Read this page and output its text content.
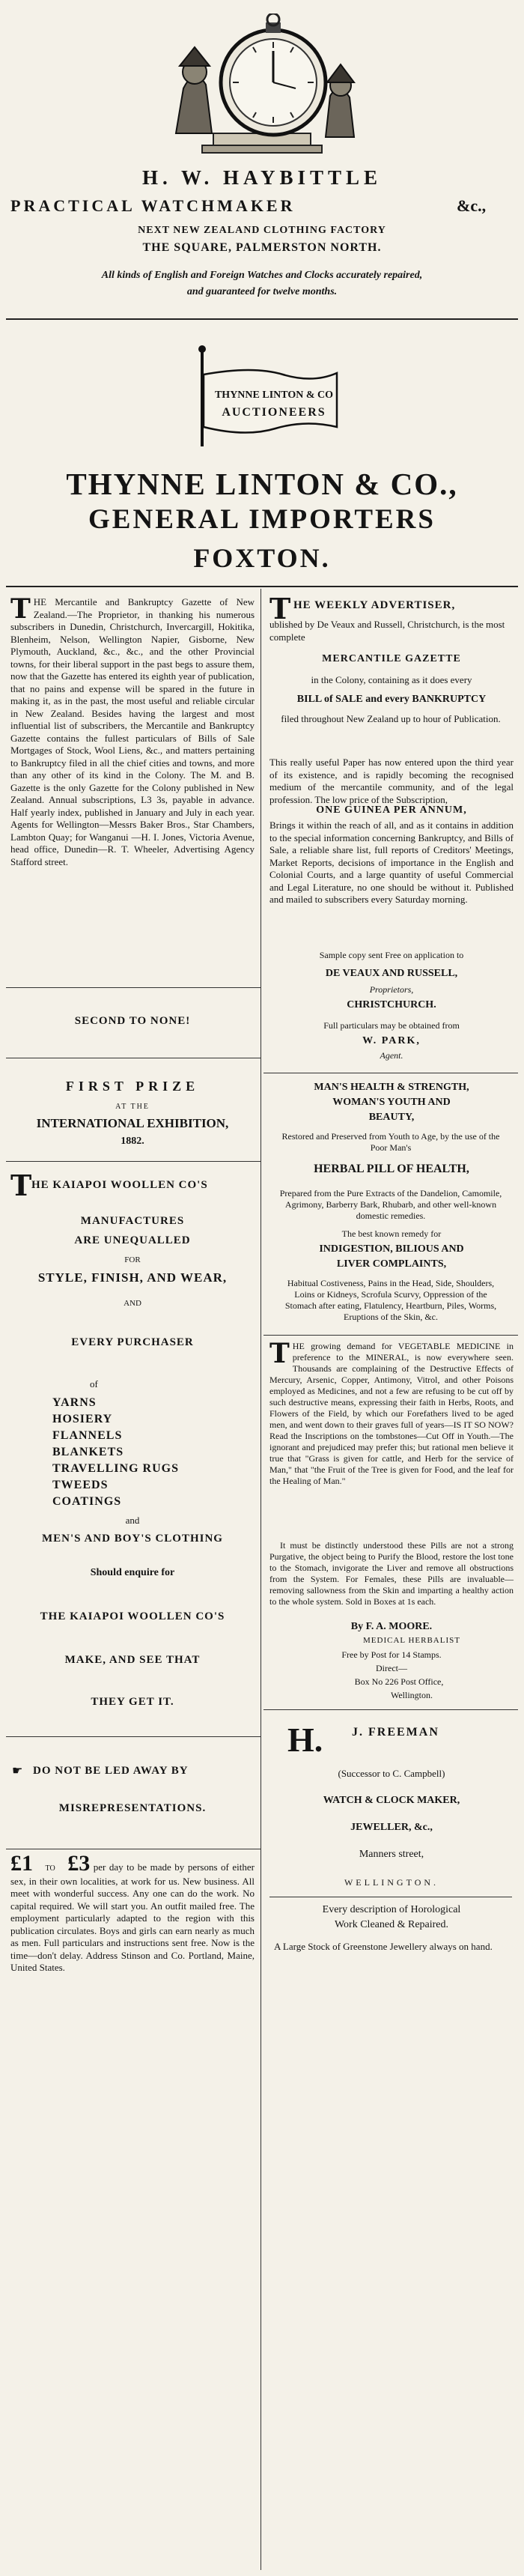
H. W. HAYBITTLE
PRACTICAL WATCHMAKER	&c.,
NEXT NEW ZEALAND CLOTHING FACTORY
THE SQUARE, PALMERSTON NORTH.
All kinds of English and Foreign Watches and Clocks accurately repaired,
and guaranteed for twelve months.
THYNNE LINTON & CO
AUCTIONEERS
THYNNE LINTON & CO.,
GENERAL IMPORTERS
FOXTON.
T HE Mercantile and Bankruptcy Gazette of New Zealand.—The Proprietor, in thanking his numerous subscribers in Dunedin, Christchurch, Invercargill, Hokitika, Blenheim, Nelson, Wellington Napier, Gisborne, New Plymouth, Auckland, &c., &c., and the other Provincial towns, for their liberal support in the past begs to assure them, now that the Gazette has entered its eighth year of publication, that no pains and expense will be spared in the future in making it, as in the past, the most useful and reliable circular in New Zealand. Besides having the largest and most influential list of subscribers, the Mercantile and Bankruptcy Gazette contains the fullest particulars of Bills of Sale Mortgages of Stock, Wool Liens, &c., and matters pertaining to Bankruptcy filed in all the chief cities and towns, and more than any other of its kind in the Colony. The M. and B. Gazette is the only Gazette for the Colony published in New Zealand. Annual subscriptions, L3 3s, payable in advance. Half yearly index, published in January and July in each year. Agents for Wellington—Messrs Baker Bros., Star Chambers, Lambton Quay; for Wanganui —H. I. Jones, Victoria Avenue, head office, Dunedin—R. T. Wheeler, Advertising Agency Stafford street.
SECOND TO NONE!
FIRST PRIZE
AT THE
INTERNATIONAL EXHIBITION,
1882.
T HE KAIAPOI WOOLLEN CO'S
MANUFACTURES
ARE UNEQUALLED
FOR
STYLE, FINISH, AND WEAR,
AND
EVERY PURCHASER
of
YARNS
HOSIERY
FLANNELS
BLANKETS
TRAVELLING RUGS
TWEEDS
COATINGS
and
MEN'S AND BOY'S CLOTHING
Should enquire for
THE KAIAPOI WOOLLEN CO'S
MAKE, AND SEE THAT
THEY GET IT.
☛ DO NOT BE LED AWAY BY
MISREPRESENTATIONS.
£1 TO £3 per day to be made by persons of either sex, in their own localities, at work for us. New business. All meet with wonderful success. Any one can do the work. No capital required. We will start you. An outfit mailed free. The employment particularly adapted to the region with this publication circulates. Boys and girls can earn nearly as much as men. Full particulars and instructions sent free. Now is the time—don't delay. Address Stinson and Co. Portland, Maine, United States.
T HE WEEKLY ADVERTISER,
ublished by De Veaux and Russell, Christchurch, is the most complete
MERCANTILE GAZETTE
in the Colony, containing as it does every
BILL of SALE and every BANKRUPTCY
filed throughout New Zealand up to hour of Publication.
This really useful Paper has now entered upon the third year of its existence, and is rapidly becoming the recognised medium of the mercantile community, and of the legal profession. The low price of the Subscription,
ONE GUINEA PER ANNUM,
Brings it within the reach of all, and as it contains in addition to the special information concerning Bankruptcy, and Bills of Sale, a reliable share list, full reports of Creditors' Meetings, Market Reports, decisions of importance in the English and Colonial Courts, and a large quantity of useful Commercial and Legal Literature, no one should be without it. Published and mailed to subscribers every Saturday morning.
Sample copy sent Free on application to
DE VEAUX AND RUSSELL,
Proprietors,
CHRISTCHURCH.
Full particulars may be obtained from
W. PARK,
Agent.
MAN'S HEALTH & STRENGTH,
WOMAN'S YOUTH AND
BEAUTY,
Restored and Preserved from Youth to Age, by the use of the Poor Man's
HERBAL PILL OF HEALTH,
Prepared from the Pure Extracts of the Dandelion, Camomile, Agrimony, Barberry Bark, Rhubarb, and other well-known domestic remedies.
The best known remedy for
INDIGESTION, BILIOUS AND
LIVER COMPLAINTS,
Habitual Costiveness, Pains in the Head, Side, Shoulders, Loins or Kidneys, Scrofula Scurvy, Oppression of the Stomach after eating, Flatulency, Heartburn, Piles, Worms, Eruptions of the Skin, &c.
T HE growing demand for VEGETABLE MEDICINE in preference to the MINERAL, is now everywhere seen. Thousands are complaining of the Destructive Effects of Mercury, Arsenic, Copper, Antimony, Vitrol, and other Poisons employed as Medicines, and not a few are refusing to be cut off by such destructive means, expressing their faith in Herbs, Roots, and Flowers of the Field, by which our Forefathers lived to be aged men, and went down to their graves full of years—IS IT SO NOW? Read the Inscriptions on the tombstones—Cut Off in Youth.—The ignorant and prejudiced may prefer this; but rational men believe it true that "Grass is given for cattle, and Herb for the service of Man," that "the Fruit of the Tree is given for Food, and the leaf for the Healing of Man."
It must be distinctly understood these Pills are not a strong Purgative, the object being to Purify the Blood, restore the lost tone to the Stomach, invigorate the Liver and remove all obstructions from the System. For Females, these Pills are invaluable—removing sallowness from the Skin and imparting a healthy action to the whole system. Sold in Boxes at 1s each.
By F. A. MOORE.
MEDICAL HERBALIST
Free by Post for 14 Stamps.
Direct—
Box No 226 Post Office,
Wellington.
H. J. FREEMAN
(Successor to C. Campbell)
WATCH & CLOCK MAKER,
JEWELLER, &c.,
Manners street,
WELLINGTON.
Every description of Horological
Work Cleaned & Repaired.
A Large Stock of Greenstone Jewellery always on hand.
